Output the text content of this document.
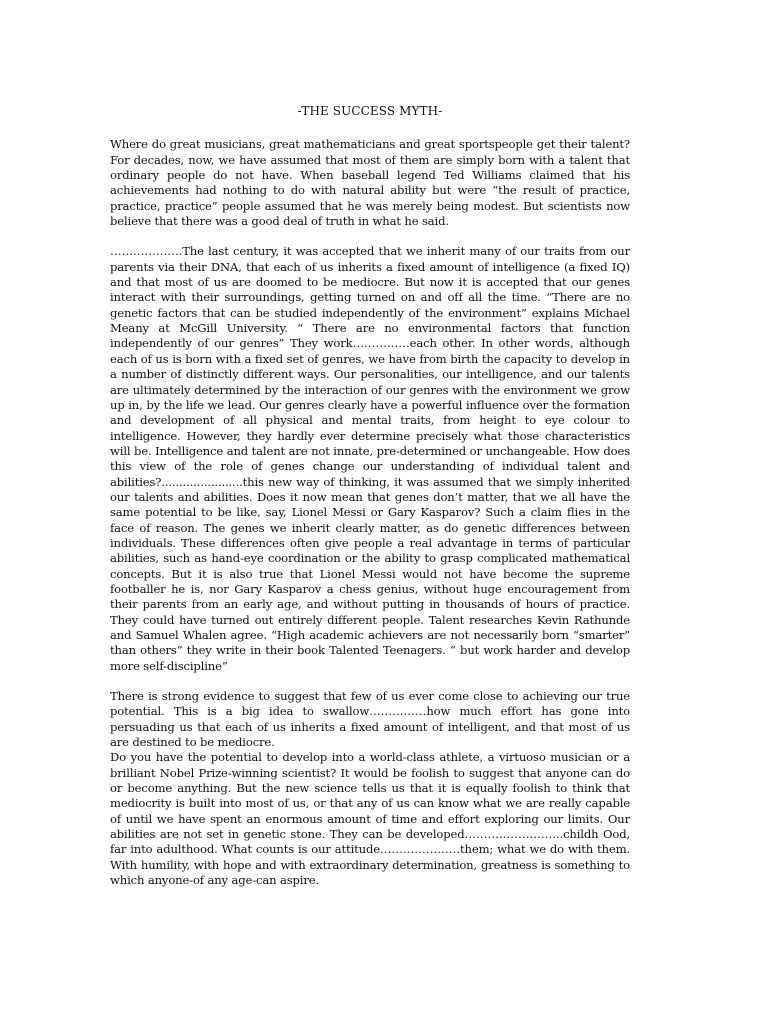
-THE SUCCESS MYTH-

Where do great musicians, great mathematicians and great sportspeople get their talent? For decades, now, we have assumed that most of them are simply born with a talent that ordinary people do not have. When baseball legend Ted Williams claimed that his achievements had nothing to do with natural ability but were “the result of practice, practice, practice” people assumed that he was merely being modest. But scientists now believe that there was a good deal of truth in what he said.

……………….The last century, it was accepted that we inherit many of our traits from our parents via their DNA, that each of us inherits a fixed amount of intelligence (a fixed IQ) and that most of us are doomed to be mediocre. But now it is accepted that our genes interact with their surroundings, getting turned on and off all the time. “There are no genetic factors that can be studied independently of the environment” explains Michael Meany at McGill University. “ There are no environmental factors that function independently of our genres” They work……………each other. In other words, although each of us is born with a fixed set of genres, we have from birth the capacity to develop in a number of distinctly different ways. Our personalities, our intelligence, and our talents are ultimately determined by the interaction of our genres with the environment we grow up in, by the life we lead. Our genres clearly have a powerful influence over the formation and development of all physical and mental traits, from height to eye colour to intelligence. However, they hardly ever determine precisely what those characteristics will be. Intelligence and talent are not innate, pre-determined or unchangeable. How does this view of the role of genes change our understanding of individual talent and abilities?.......................this new way of thinking, it was assumed that we simply inherited our talents and abilities. Does it now mean that genes don’t matter, that we all have the same potential to be like, say, Lionel Messi or Gary Kasparov? Such a claim flies in the face of reason. The genes we inherit clearly matter, as do genetic differences between individuals. These differences often give people a real advantage in terms of particular abilities, such as hand-eye coordination or the ability to grasp complicated mathematical concepts. But it is also true that Lionel Messi would not have become the supreme footballer he is, nor Gary Kasparov a chess genius, without huge encouragement from their parents from an early age, and without putting in thousands of hours of practice. They could have turned out entirely different people. Talent researches Kevin Rathunde and Samuel Whalen agree. “High academic achievers are not necessarily born “smarter” than others” they write in their book Talented Teenagers. “ but work harder and develop more self-discipline”

There is strong evidence to suggest that few of us ever come close to achieving our true potential. This is a big idea to swallow……………how much effort has gone into persuading us that each of us inherits a fixed amount of intelligent, and that most of us are destined to be mediocre.

Do you have the potential to develop into a world-class athlete, a virtuoso musician or a brilliant Nobel Prize-winning scientist? It would be foolish to suggest that anyone can do or become anything. But the new science tells us that it is equally foolish to think that mediocrity is built into most of us, or that any of us can know what we are really capable of until we have spent an enormous amount of time and effort exploring our limits. Our abilities are not set in genetic stone. They can be developed……………………..childh Ood, far into adulthood. What counts is our attitude…………………them; what we do with them. With humility, with hope and with extraordinary determination, greatness is something to which anyone-of any age-can aspire.
